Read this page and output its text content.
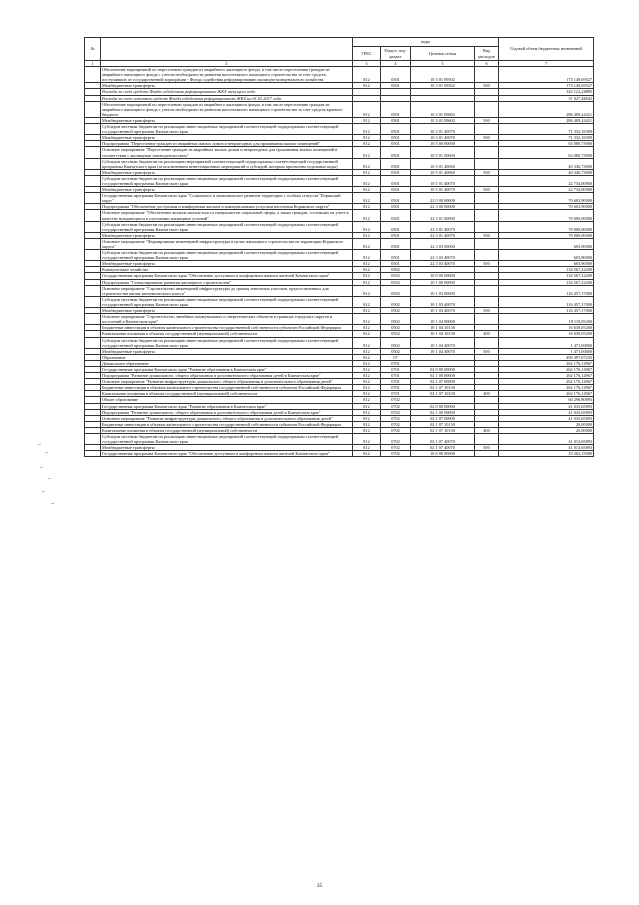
№		коды				Годовой объем бюджетных назначений
		ГРБС	Раздел, под-раздел	Целевая статья	Вид расходов	
1	2	3	4	5	6	7
	Обеспечение мероприятий по переселению граждан из аварийного жилищного фонда, в том числе переселению граждан из аварийного жилищного фонда с учетом необходимости развития малоэтажного жилищного строительства за счет средств, поступивших от государственной корпорации - Фонда содействия реформированию жилищно-коммунального хозяйства	812	0501	10 3 01 09502		173 149,69527
	Межбюджетные трансферты	812	0501	10 3 01 09502	500	173 149,69527
	Расходы за счет средств Фонда содействия реформированию ЖКХ текущего года					142 122,24885
	Расходы за счет остатков средств Фонда содействия реформированию ЖКХ на 01.01.2017 года					31 027,44642
	Обеспечение мероприятий по переселению граждан из аварийного жилищного фонда, в том числе переселению граждан из аварийного жилищного фонда с учетом необходимости развития малоэтажного жилищного строительства за счет средств краевого бюджета	812	0501	10 3 01 09602		286 409,24421
	Межбюджетные трансферты	812	0501	10 3 01 09602	500	286 409,24421
	Субсидии местным бюджетам на реализацию инвестиционных мероприятий соответствующей подпрограммы соответствующей государственной программы Камчатского края	812	0501	10 3 01 40070		71 332,18309
	Межбюджетные трансферты	812	0501	10 3 01 40070	500	71 332,18309
	Подпрограмма "Переселение граждан из аварийных жилых домов и непригодных для проживания жилых помещений"	812	0501	10 5 00 00000		63 080,73900
	Основное мероприятие "Переселение граждан из аварийных жилых домов и непригодных для проживания жилых помещений в соответствии с жилищным законодательством"	812	0501	10 5 01 00000		63 080,73900
	Субсидии местным бюджетам на реализацию мероприятий соответствующей подпрограммы соответствующей государственной программы Камчатского края (за исключением инвестиционных мероприятий и субсидий, которым присвоены отдельные коды)	812	0501	10 5 01 40060		40 346,73000
	Межбюджетные трансферты	812	0501	10 5 01 40060	500	40 346,73000
	Субсидии местным бюджетам на реализацию инвестиционных мероприятий соответствующей подпрограммы соответствующей государственной программы Камчатского края	812	0501	10 5 01 40070		22 734,00900
	Межбюджетные трансферты	812	0501	10 5 01 40070	500	22 734,00900
	Государственная программа Камчатского края "Социальное и экономическое развитие территории с особым статусом "Корякский округ"	812	0501	22 0 00 00000		70 603,90000
	Подпрограмма "Обеспечение доступным и комфортным жильем и коммунальными услугами населения Корякского округа"	812	0501	22 3 00 00000		70 603,90000
	Основное мероприятие "Обеспечение жильем эконом-класса специалистов социальной сферы, а также граждан, состоящих на учете в качестве нуждающихся в улучшении жилищных условий"	812	0501	22 3 01 00000		70 000,00000
	Субсидии местным бюджетам на реализацию инвестиционных мероприятий соответствующей подпрограммы соответствующей государственной программы Камчатского края	812	0501	22 3 01 40070		70 000,00000
	Межбюджетные трансферты	812	0501	22 3 01 40070	500	70 000,00000
	Основное мероприятие "Формирование инженерной инфраструктуры в целях жилищного строительства на территории Корякского округа"	812	0501	22 3 03 00000		603,90000
	Субсидии местным бюджетам на реализацию инвестиционных мероприятий соответствующей подпрограммы соответствующей государственной программы Камчатского края	812	0501	22 3 03 40070		603,90000
	Межбюджетные трансферты	812	0501	22 3 03 40070	500	603,90000
	Коммунальное хозяйство	812	0502			134 567,22200
	Государственная программа Камчатского края "Обеспечение доступным и комфортным жильем жителей Камчатского края"	812	0502	10 0 00 00000		134 567,22200
	Подпрограмма "Стимулирование развития жилищного строительства"	812	0502	10 1 00 00000		134 567,22200
	Основное мероприятие "Строительство инженерной инфраструктуры до границ земельных участков, предоставленных для строительства жилья экономического класса"	812	0502	10 1 03 00000		116 457,17000
	Субсидии местным бюджетам на реализацию инвестиционных мероприятий соответствующей подпрограммы соответствующей государственной программы Камчатского края	812	0502	10 1 03 40070		116 457,17000
	Межбюджетные трансферты	812	0502	10 1 03 40070	500	116 457,17000
	Основное мероприятие "Строительство линейных коммунальных и энергетических объектов в границах городских округов и поселений в Камчатском крае"	812	0502	10 1 04 00000		18 110,05200
	Бюджетные инвестиции в объекты капитального строительства государственной собственности субъектов Российской Федерации	812	0502	10 1 04 10130		16 639,05200
	Капитальные вложения в объекты государственной (муниципальной) собственности	812	0502	10 1 04 10130	400	16 639,05200
	Субсидии местным бюджетам на реализацию инвестиционных мероприятий соответствующей подпрограммы соответствующей государственной программы Камчатского края	812	0502	10 1 04 40070		1 471,00000
	Межбюджетные трансферты	812	0502	10 1 04 40070	500	1 471,00000
	Образование	812	07			490 397,07235
	Дошкольное образование	812	0701			262 176,14967
	Государственная программа Камчатского края "Развитие образования в Камчатском крае"	812	0701	02 0 00 00000		262 176,14967
	Подпрограмма "Развитие дошкольного, общего образования и дополнительного образования детей в Камчатском крае"	812	0701	02 1 00 00000		262 176,14967
	Основное мероприятие "Развитие инфраструктуры дошкольного, общего образования и дополнительного образования детей"	812	0701	02 1 07 00000		262 176,14967
	Бюджетные инвестиции в объекты капитального строительства государственной собственности субъектов Российской Федерации	812	0701	02 1 07 10130		262 176,14967
	Капитальные вложения в объекты государственной (муниципальной) собственности	812	0701	02 1 07 10130	400	262 176,14967
	Общее образование	812	0702			60 296,80893
	Государственная программа Камчатского края "Развитие образования в Камчатском крае"	812	0702	02 0 00 00000		41 033,65893
	Подпрограмма "Развитие дошкольного, общего образования и дополнительного образования детей в Камчатском крае"	812	0702	02 1 00 00000		41 033,65893
	Основное мероприятие "Развитие инфраструктуры дошкольного, общего образования и дополнительного образования детей"	812	0702	02 1 07 00000		41 033,65893
	Бюджетные инвестиции в объекты капитального строительства государственной собственности субъектов Российской Федерации	812	0702	02 1 07 10130		20,00000
	Капитальные вложения в объекты государственной (муниципальной) собственности	812	0702	02 1 07 10130	400	20,00000
	Субсидии местным бюджетам на реализацию инвестиционных мероприятий соответствующей подпрограммы соответствующей государственной программы Камчатского края	812	0702	02 1 07 40070		41 013,65893
	Межбюджетные трансферты	812	0702	02 1 07 40070	500	41 013,65893
	Государственная программа Камчатского края "Обеспечение доступным и комфортным жильем жителей Камчатского края"	812	0702	10 0 00 00000		19 263,15000
35
